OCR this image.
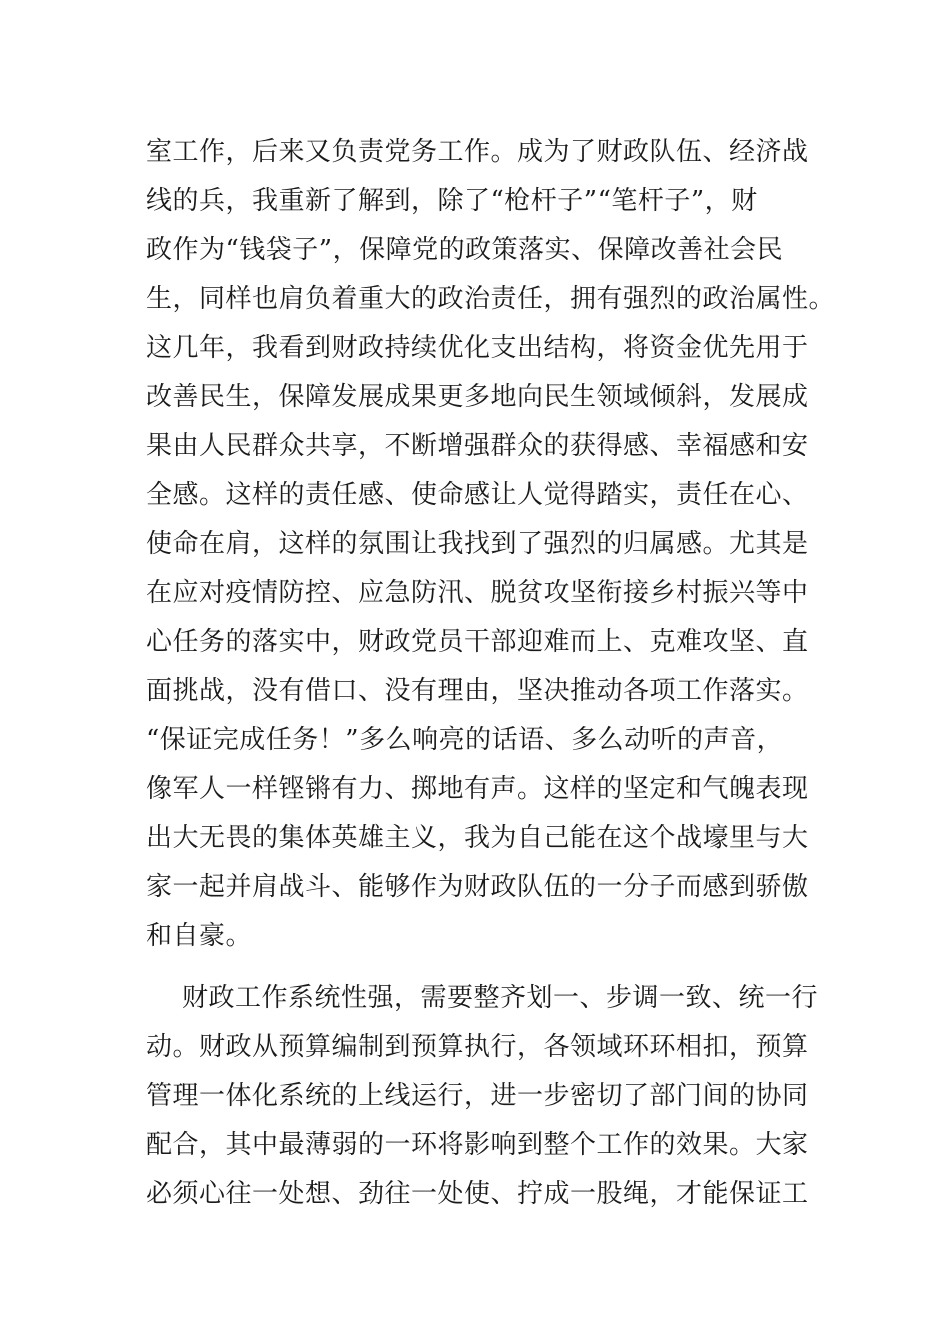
室工作，后来又负责党务工作。成为了财政队伍、经济战
线的兵，我重新了解到，除了“枪杆子”“笔杆子”，财
政作为“钱袋子”，保障党的政策落实、保障改善社会民
生，同样也肩负着重大的政治责任，拥有强烈的政治属性。
这几年，我看到财政持续优化支出结构，将资金优先用于
改善民生，保障发展成果更多地向民生领域倾斜，发展成
果由人民群众共享，不断增强群众的获得感、幸福感和安
全感。这样的责任感、使命感让人觉得踏实，责任在心、
使命在肩，这样的氛围让我找到了强烈的归属感。尤其是
在应对疫情防控、应急防汛、脱贫攻坚衔接乡村振兴等中
心任务的落实中，财政党员干部迎难而上、克难攻坚、直
面挑战，没有借口、没有理由，坚决推动各项工作落实。
“保证完成任务！”多么响亮的话语、多么动听的声音，
像军人一样铿锵有力、掷地有声。这样的坚定和气魄表现
出大无畏的集体英雄主义，我为自己能在这个战壕里与大
家一起并肩战斗、能够作为财政队伍的一分子而感到骄傲
和自豪。
财政工作系统性强，需要整齐划一、步调一致、统一行
动。财政从预算编制到预算执行，各领域环环相扣，预算
管理一体化系统的上线运行，进一步密切了部门间的协同
配合，其中最薄弱的一环将影响到整个工作的效果。大家
必须心往一处想、劲往一处使、拧成一股绳，才能保证工
